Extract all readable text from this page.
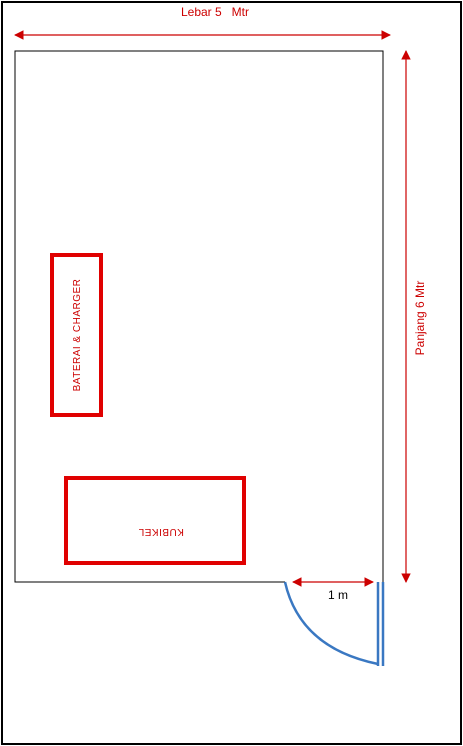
Lebar 5   Mtr
Panjang 6 Mtr
BATERAI & CHARGER
KUBIKEL
1 m
